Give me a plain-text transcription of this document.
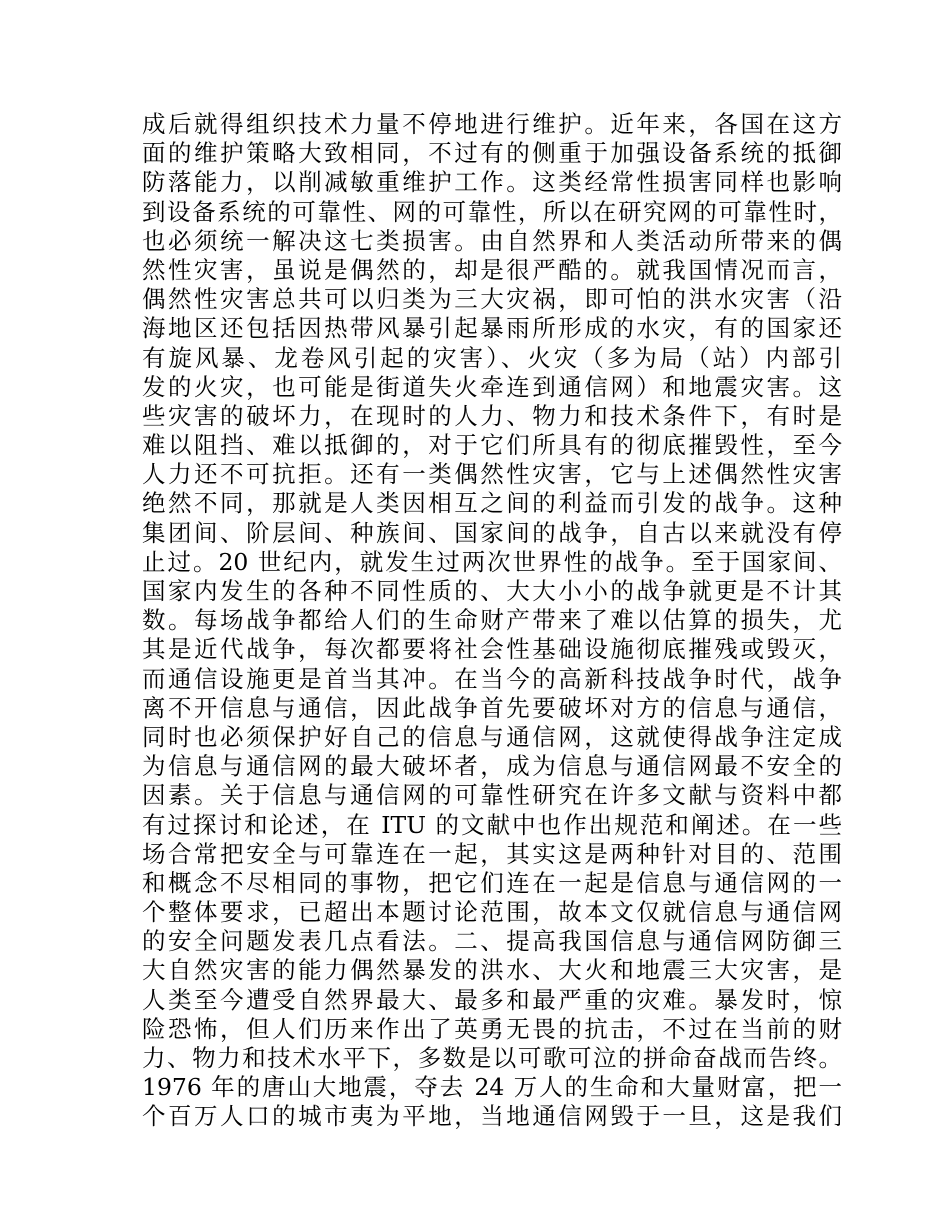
成后就得组织技术力量不停地进行维护。近年来，各国在这方
面的维护策略大致相同，不过有的侧重于加强设备系统的抵御
防落能力，以削减敏重维护工作。这类经常性损害同样也影响
到设备系统的可靠性、网的可靠性，所以在研究网的可靠性时，
也必须统一解决这七类损害。由自然界和人类活动所带来的偶
然性灾害，虽说是偶然的，却是很严酷的。就我国情况而言，
偶然性灾害总共可以归类为三大灾祸，即可怕的洪水灾害（沿
海地区还包括因热带风暴引起暴雨所形成的水灾，有的国家还
有旋风暴、龙卷风引起的灾害）、火灾（多为局（站）内部引
发的火灾，也可能是街道失火牵连到通信网）和地震灾害。这
些灾害的破坏力，在现时的人力、物力和技术条件下，有时是
难以阻挡、难以抵御的，对于它们所具有的彻底摧毁性，至今
人力还不可抗拒。还有一类偶然性灾害，它与上述偶然性灾害
绝然不同，那就是人类因相互之间的利益而引发的战争。这种
集团间、阶层间、种族间、国家间的战争，自古以来就没有停
止过。20 世纪内，就发生过两次世界性的战争。至于国家间、
国家内发生的各种不同性质的、大大小小的战争就更是不计其
数。每场战争都给人们的生命财产带来了难以估算的损失，尤
其是近代战争，每次都要将社会性基础设施彻底摧残或毁灭，
而通信设施更是首当其冲。在当今的高新科技战争时代，战争
离不开信息与通信，因此战争首先要破坏对方的信息与通信，
同时也必须保护好自己的信息与通信网，这就使得战争注定成
为信息与通信网的最大破坏者，成为信息与通信网最不安全的
因素。关于信息与通信网的可靠性研究在许多文献与资料中都
有过探讨和论述，在 ITU 的文献中也作出规范和阐述。在一些
场合常把安全与可靠连在一起，其实这是两种针对目的、范围
和概念不尽相同的事物，把它们连在一起是信息与通信网的一
个整体要求，已超出本题讨论范围，故本文仅就信息与通信网
的安全问题发表几点看法。二、提高我国信息与通信网防御三
大自然灾害的能力偶然暴发的洪水、大火和地震三大灾害，是
人类至今遭受自然界最大、最多和最严重的灾难。暴发时，惊
险恐怖，但人们历来作出了英勇无畏的抗击，不过在当前的财
力、物力和技术水平下，多数是以可歌可泣的拼命奋战而告终。
1976 年的唐山大地震，夺去 24 万人的生命和大量财富，把一
个百万人口的城市夷为平地，当地通信网毁于一旦，这是我们
